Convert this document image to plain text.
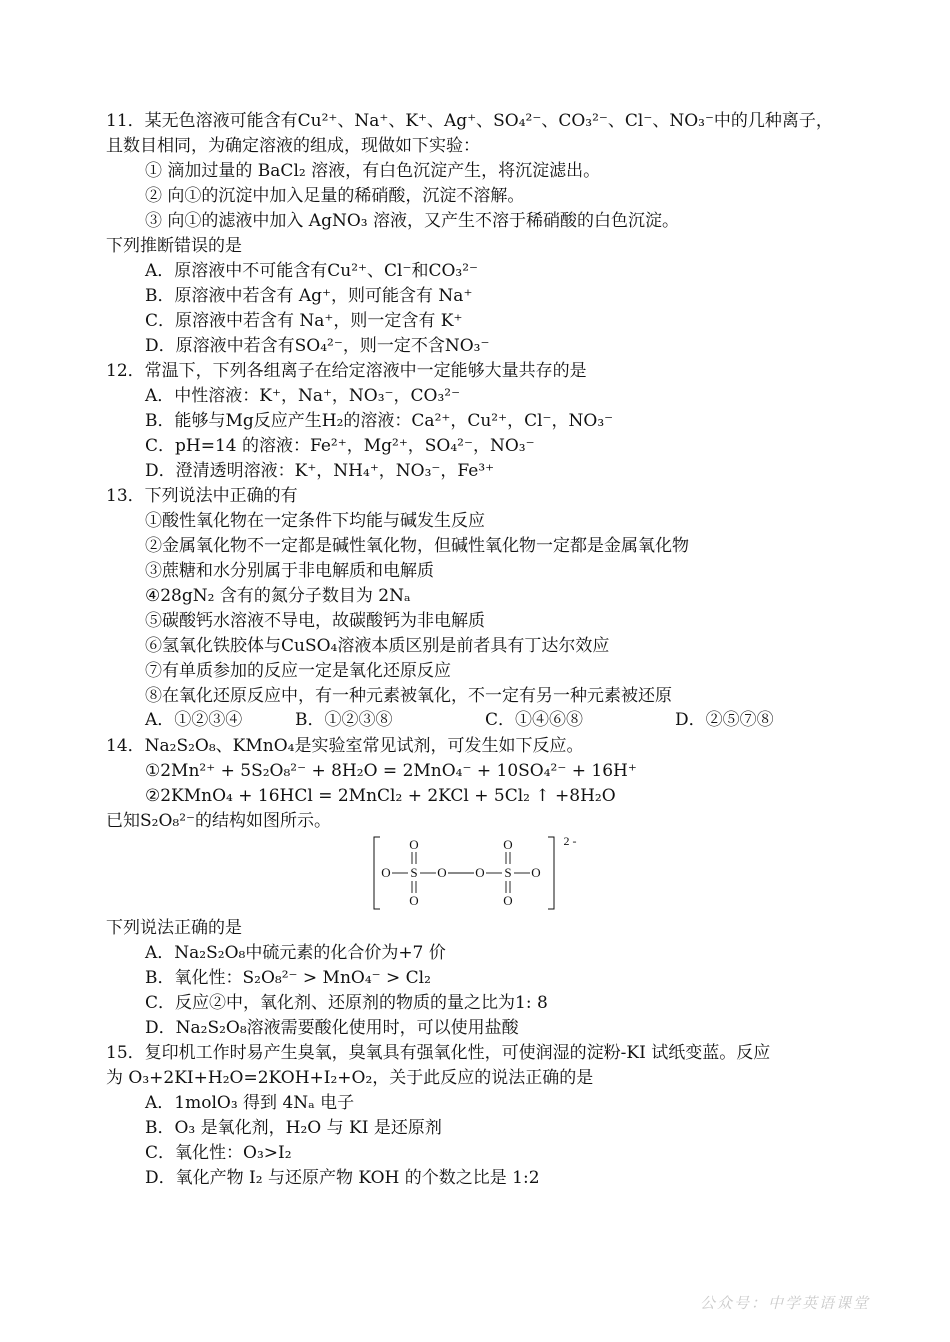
11．某无色溶液可能含有Cu²⁺、Na⁺、K⁺、Ag⁺、SO₄²⁻、CO₃²⁻、Cl⁻、NO₃⁻中的几种离子，
且数目相同，为确定溶液的组成，现做如下实验：
① 滴加过量的 BaCl₂ 溶液，有白色沉淀产生，将沉淀滤出。
② 向①的沉淀中加入足量的稀硝酸，沉淀不溶解。
③ 向①的滤液中加入 AgNO₃ 溶液，又产生不溶于稀硝酸的白色沉淀。
下列推断错误的是
A．原溶液中不可能含有Cu²⁺、Cl⁻和CO₃²⁻
B．原溶液中若含有 Ag⁺，则可能含有 Na⁺
C．原溶液中若含有 Na⁺，则一定含有 K⁺
D．原溶液中若含有SO₄²⁻，则一定不含NO₃⁻
12．常温下，下列各组离子在给定溶液中一定能够大量共存的是
A．中性溶液：K⁺，Na⁺，NO₃⁻，CO₃²⁻
B．能够与Mg反应产生H₂的溶液：Ca²⁺，Cu²⁺，Cl⁻，NO₃⁻
C．pH=14 的溶液：Fe²⁺，Mg²⁺，SO₄²⁻，NO₃⁻
D．澄清透明溶液：K⁺，NH₄⁺，NO₃⁻，Fe³⁺
13．下列说法中正确的有
①酸性氧化物在一定条件下均能与碱发生反应
②金属氧化物不一定都是碱性氧化物，但碱性氧化物一定都是金属氧化物
③蔗糖和水分别属于非电解质和电解质
④28gN₂ 含有的氮分子数目为 2Nₐ
⑤碳酸钙水溶液不导电，故碳酸钙为非电解质
⑥氢氧化铁胶体与CuSO₄溶液本质区别是前者具有丁达尔效应
⑦有单质参加的反应一定是氧化还原反应
⑧在氧化还原反应中，有一种元素被氧化，不一定有另一种元素被还原
A．①②③④	B．①②③⑧	C．①④⑥⑧	D．②⑤⑦⑧
14．Na₂S₂O₈、KMnO₄是实验室常见试剂，可发生如下反应。
①2Mn²⁺ + 5S₂O₈²⁻ + 8H₂O = 2MnO₄⁻ + 10SO₄²⁻ + 16H⁺
②2KMnO₄ + 16HCl = 2MnCl₂ + 2KCl + 5Cl₂ ↑ +8H₂O
已知S₂O₈²⁻的结构如图所示。
O
O S O
O
O S O
O
O
2 -
下列说法正确的是
A．Na₂S₂O₈中硫元素的化合价为+7 价
B．氧化性：S₂O₈²⁻ > MnO₄⁻ > Cl₂
C．反应②中，氧化剂、还原剂的物质的量之比为1: 8
D．Na₂S₂O₈溶液需要酸化使用时，可以使用盐酸
15．复印机工作时易产生臭氧，臭氧具有强氧化性，可使润湿的淀粉-KI 试纸变蓝。反应
为 O₃+2KI+H₂O=2KOH+I₂+O₂，关于此反应的说法正确的是
A．1molO₃ 得到 4Nₐ 电子
B．O₃ 是氧化剂，H₂O 与 KI 是还原剂
C．氧化性：O₃>I₂
D．氧化产物 I₂ 与还原产物 KOH 的个数之比是 1:2
公众号：中学英语课堂
